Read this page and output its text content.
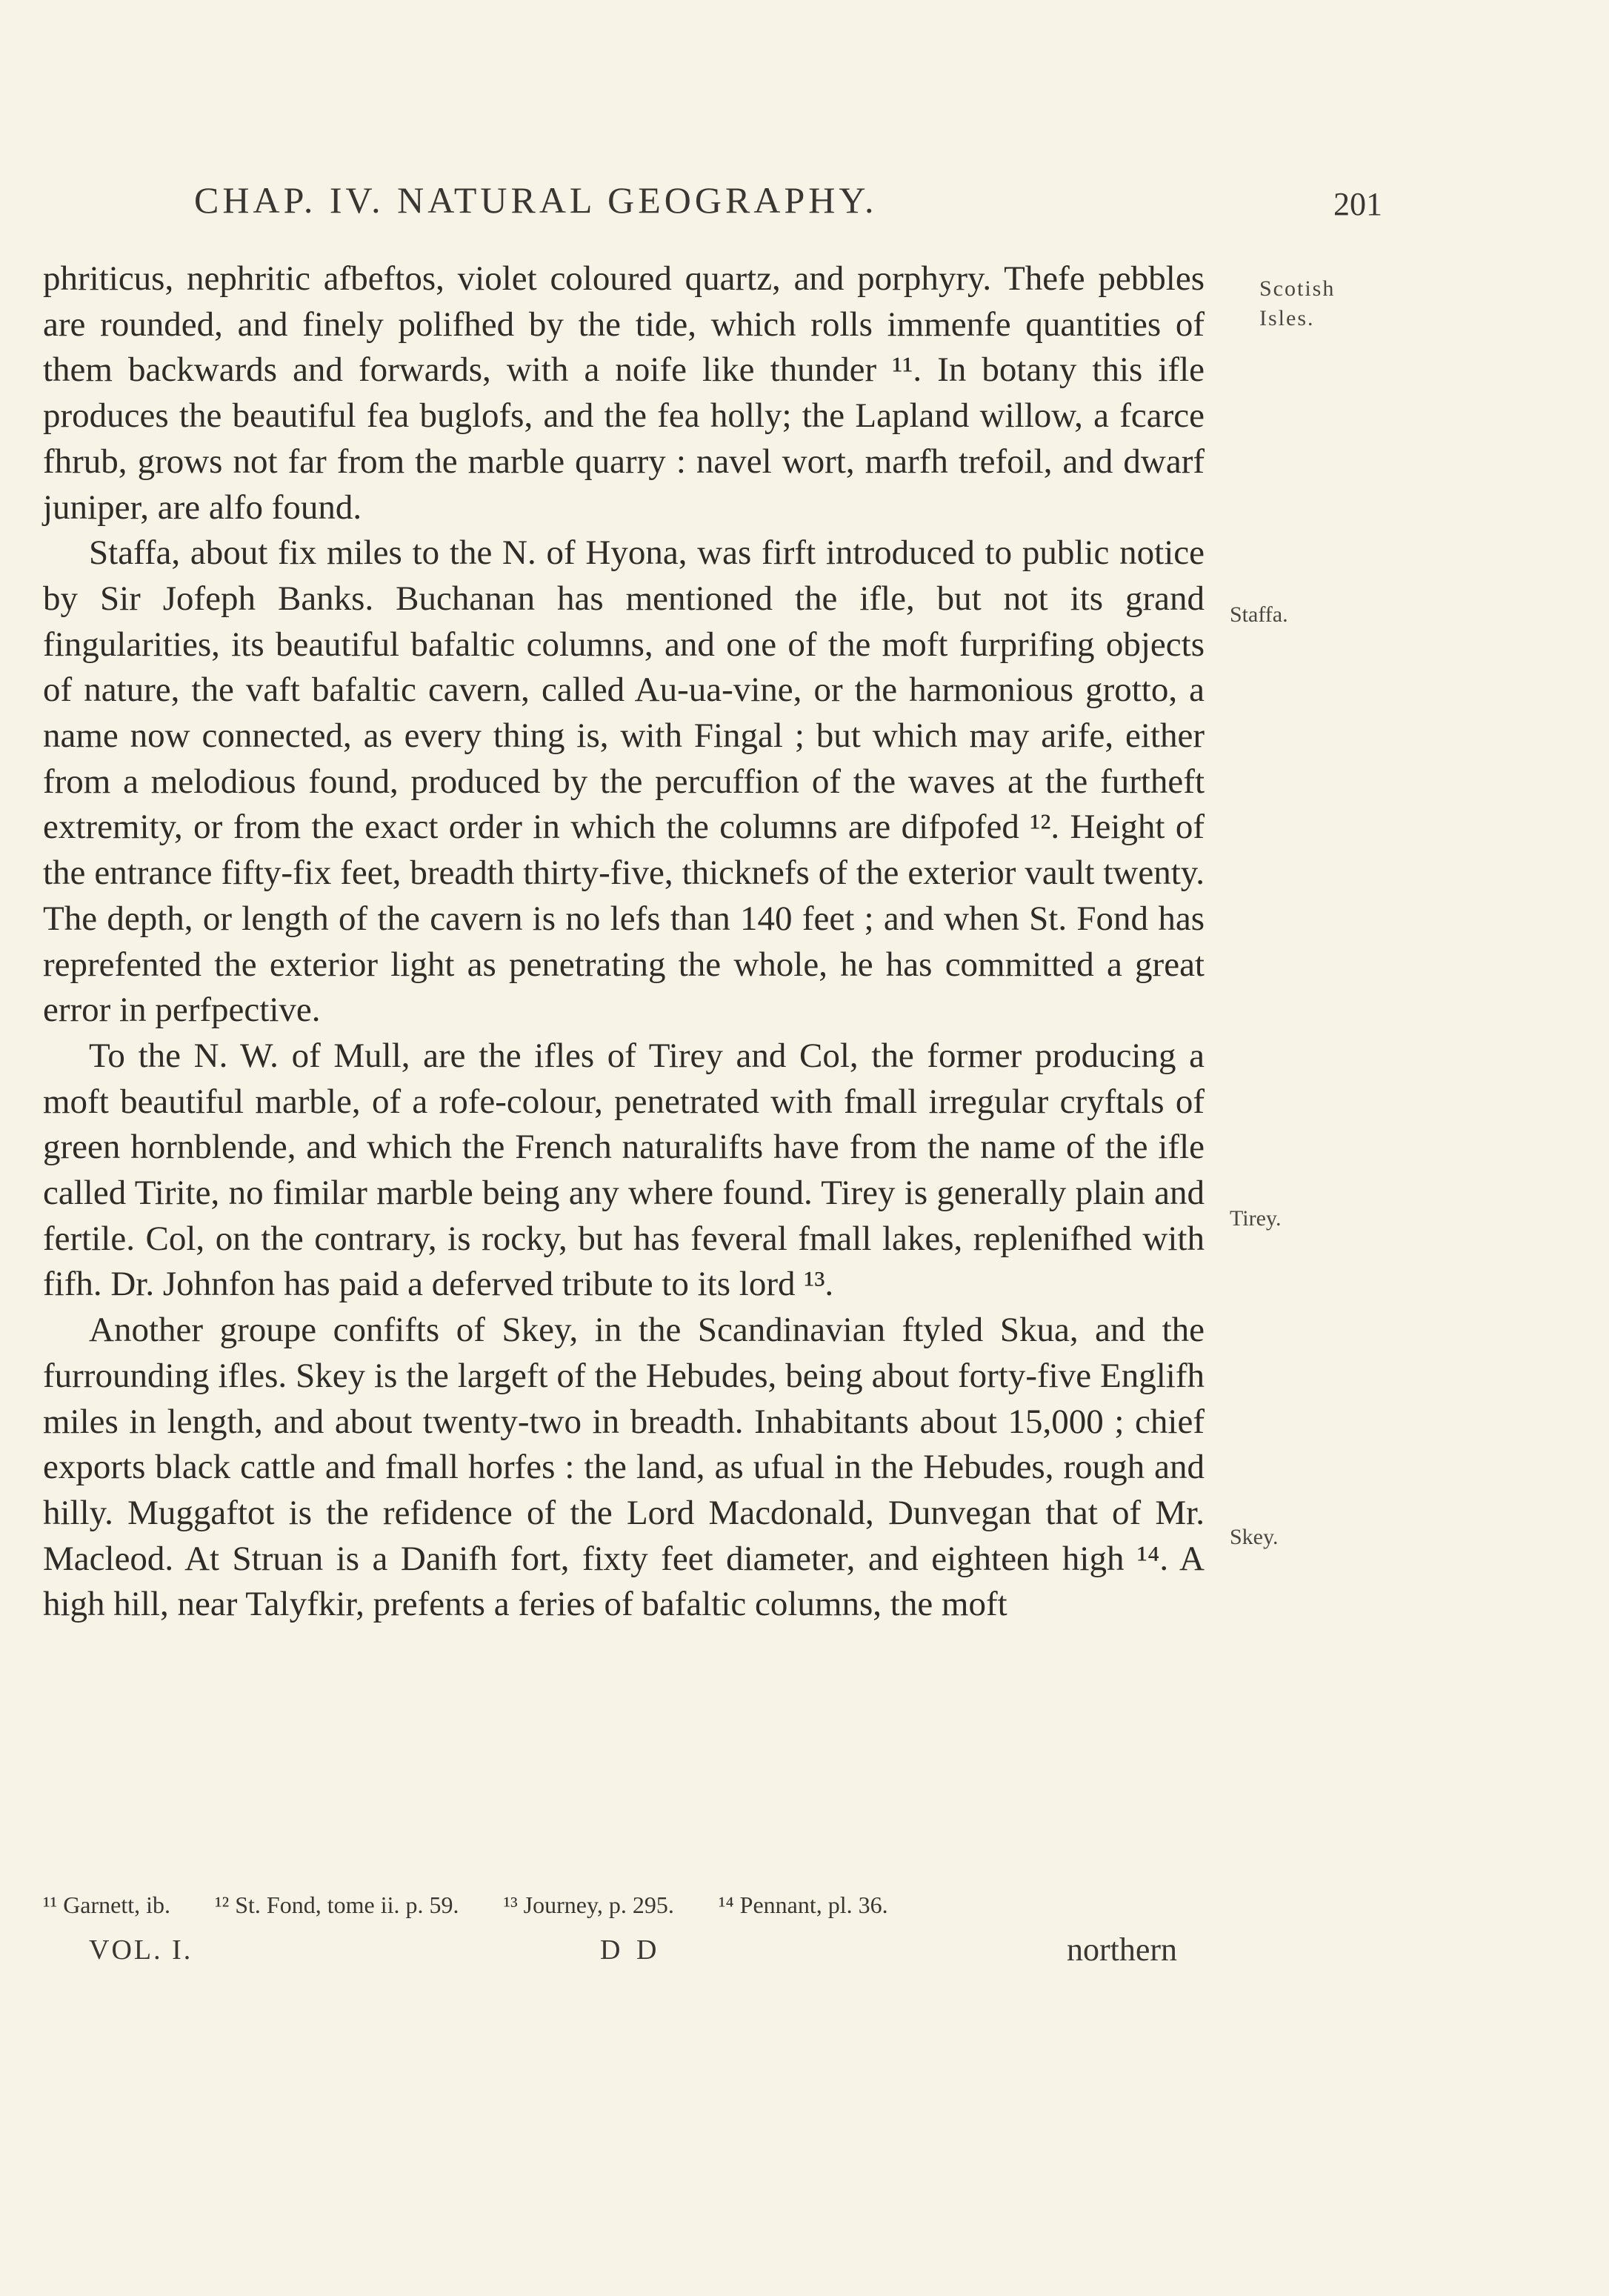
CHAP. IV. NATURAL GEOGRAPHY.	201
Scotish Isles.
Staffa.
Tirey.
Skey.

phriticus, nephritic afbeftos, violet coloured quartz, and porphyry. Thefe pebbles are rounded, and finely polifhed by the tide, which rolls immenfe quantities of them backwards and forwards, with a noife like thunder ¹¹. In botany this ifle produces the beautiful fea buglofs, and the fea holly; the Lapland willow, a fcarce fhrub, grows not far from the marble quarry : navel wort, marfh trefoil, and dwarf juniper, are alfo found.

Staffa, about fix miles to the N. of Hyona, was firft introduced to public notice by Sir Jofeph Banks. Buchanan has mentioned the ifle, but not its grand fingularities, its beautiful bafaltic columns, and one of the moft furprifing objects of nature, the vaft bafaltic cavern, called Au-ua-vine, or the harmonious grotto, a name now connected, as every thing is, with Fingal ; but which may arife, either from a melodious found, produced by the percuffion of the waves at the furtheft extremity, or from the exact order in which the columns are difpofed ¹². Height of the entrance fifty-fix feet, breadth thirty-five, thicknefs of the exterior vault twenty. The depth, or length of the cavern is no lefs than 140 feet ; and when St. Fond has reprefented the exterior light as penetrating the whole, he has committed a great error in perfpective.

To the N. W. of Mull, are the ifles of Tirey and Col, the former producing a moft beautiful marble, of a rofe-colour, penetrated with fmall irregular cryftals of green hornblende, and which the French naturalifts have from the name of the ifle called Tirite, no fimilar marble being any where found. Tirey is generally plain and fertile. Col, on the contrary, is rocky, but has feveral fmall lakes, replenifhed with fifh. Dr. Johnfon has paid a deferved tribute to its lord ¹³.

Another groupe confifts of Skey, in the Scandinavian ftyled Skua, and the furrounding ifles. Skey is the largeft of the Hebudes, being about forty-five Englifh miles in length, and about twenty-two in breadth. Inhabitants about 15,000 ; chief exports black cattle and fmall horfes : the land, as ufual in the Hebudes, rough and hilly. Muggaftot is the refidence of the Lord Macdonald, Dunvegan that of Mr. Macleod. At Struan is a Danifh fort, fixty feet diameter, and eighteen high ¹⁴. A high hill, near Talyfkir, prefents a feries of bafaltic columns, the moft

¹¹ Garnett, ib. ¹² St. Fond, tome ii. p. 59. ¹³ Journey, p. 295. ¹⁴ Pennant, pl. 36.
VOL. I.	D D	northern
